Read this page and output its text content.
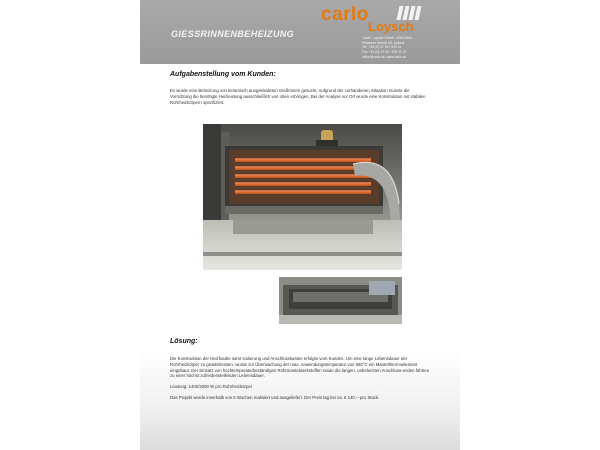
GIESSRINNENBEHEIZUNG
carlo
Loysch
"carlo" Loysch GmbH, 3390 Melk,
Pielacher Straße 60, Austria
Tel. +43 (0) 27 52 / 529 11
Fax +43 (0) 27 52 / 529 11 27
office@carlo.at, www.carlo.at
Aufgabenstellung vom Kunden:
Es wurde eine Beheizung von keramisch ausgekleideten Gießrinnen gesucht. Aufgrund der vorhandenen Situation musste die Vorrichtung die benötigte Heizleistung ausschließlich von oben erbringen. Bei der Analyse vor Ort wurde eine Konstruktion mit stabilen Rohrheizkörpern spezifiziert.
Lösung:

Die Konstruktion der Heizhaube samt Isolierung und Anschlusskasten erfolgte vom Kunden. Um eine lange Lebensdauer der Rohrheizkörper zu gewährleisten, wurde zur Überwachung der max. Anwendungstemperatur von 650°C ein Mantelthermoelement eingebaut. Der Einsatz von hochtemperaturbeständigen Rohrmantelwerkstoffen sowie die langen, unbeheizten Anschluss-enden führten zu einer höchst zufriedenstellenden Lebensdauer.

Leistung: 1400/2000 W pro Rohrheizkörper

Das Projekt wurde innerhalb von 5 Wochen realisiert und ausgeliefert. Der Preis lag bei ca. € 140,-- pro Stück.
